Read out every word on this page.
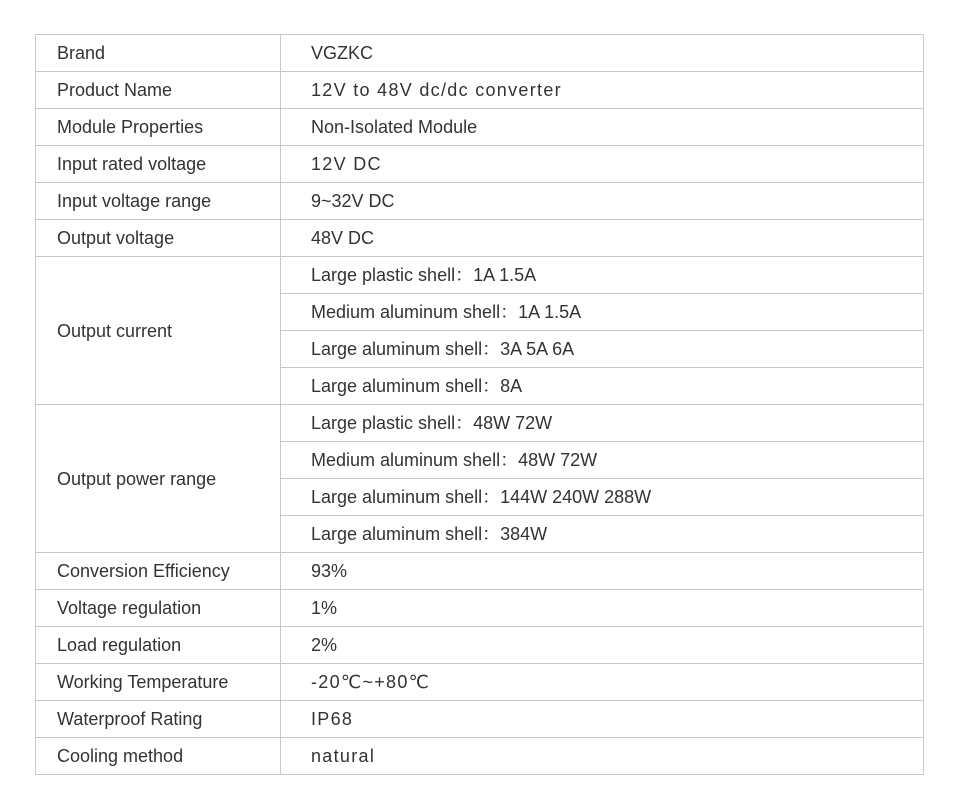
Brand	VGZKC
Product Name	12V to 48V dc/dc converter
Module Properties	Non-Isolated Module
Input rated voltage	12V DC
Input voltage range	9~32V DC
Output voltage	48V DC
Output current	Large plastic shell：1A 1.5A
	Medium aluminum shell：1A 1.5A
	Large aluminum shell：3A 5A 6A
	Large aluminum shell：8A
Output power range	Large plastic shell：48W 72W
	Medium aluminum shell：48W 72W
	Large aluminum shell：144W 240W 288W
	Large aluminum shell：384W
Conversion Efficiency	93%
Voltage regulation	1%
Load regulation	2%
Working Temperature	-20℃~+80℃
Waterproof Rating	IP68
Cooling method	natural
